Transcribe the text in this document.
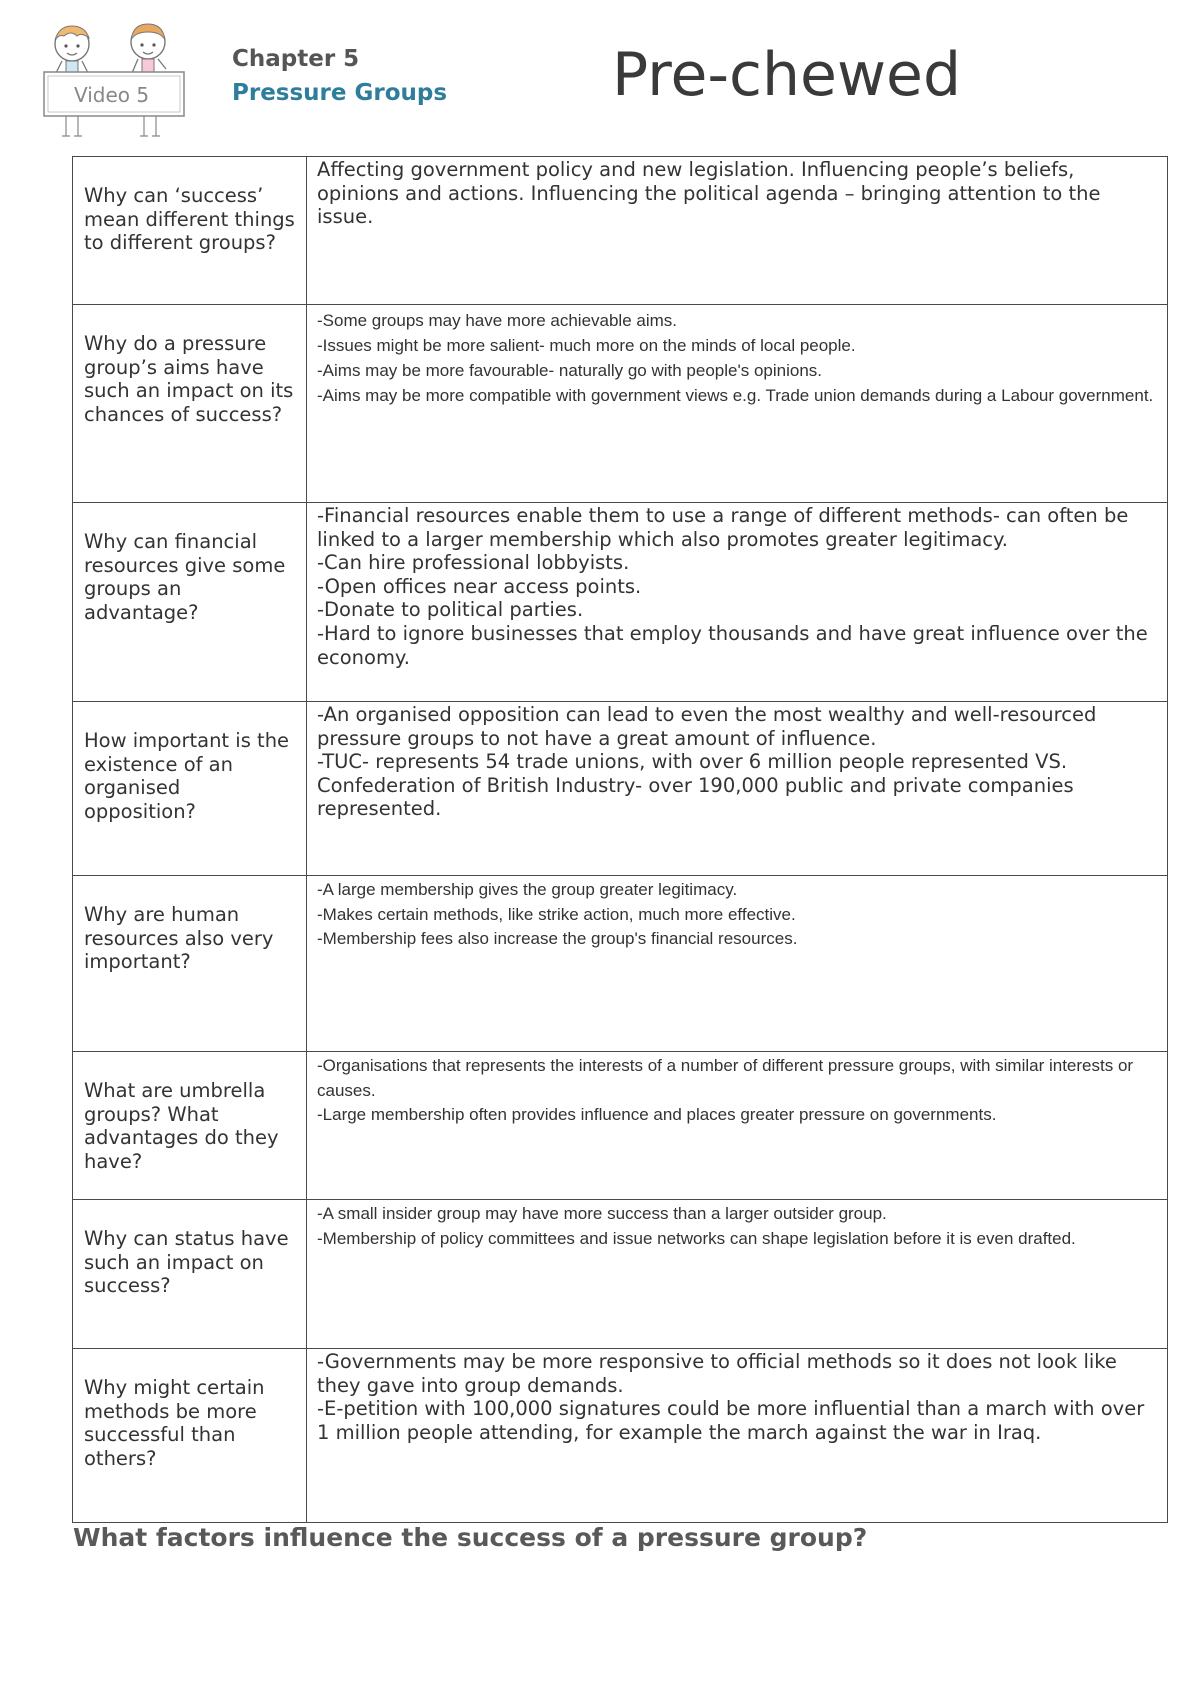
Video 5
Chapter 5
Pressure Groups	Pre-chewed
Why can ‘success’ mean different things to different groups?	Affecting government policy and new legislation. Influencing people’s beliefs, opinions and actions. Influencing the political agenda – bringing attention to the issue.

Why do a pressure group’s aims have such an impact on its chances of success?	-Some groups may have more achievable aims.
-Issues might be more salient- much more on the minds of local people.
-Aims may be more favourable- naturally go with people's opinions.
-Aims may be more compatible with government views e.g. Trade union demands during a Labour government.

Why can financial resources give some groups an advantage?	-Financial resources enable them to use a range of different methods- can often be linked to a larger membership which also promotes greater legitimacy.
-Can hire professional lobbyists.
-Open offices near access points.
-Donate to political parties.
-Hard to ignore businesses that employ thousands and have great influence over the economy.

How important is the existence of an organised opposition?	-An organised opposition can lead to even the most wealthy and well-resourced pressure groups to not have a great amount of influence.
-TUC- represents 54 trade unions, with over 6 million people represented VS. Confederation of British Industry- over 190,000 public and private companies represented.

Why are human resources also very important?	-A large membership gives the group greater legitimacy.
-Makes certain methods, like strike action, much more effective.
-Membership fees also increase the group's financial resources.

What are umbrella groups? What advantages do they have?	-Organisations that represents the interests of a number of different pressure groups, with similar interests or causes.
-Large membership often provides influence and places greater pressure on governments.

Why can status have such an impact on success?	-A small insider group may have more success than a larger outsider group.
-Membership of policy committees and issue networks can shape legislation before it is even drafted.

Why might certain methods be more successful than others?	-Governments may be more responsive to official methods so it does not look like they gave into group demands.
-E-petition with 100,000 signatures could be more influential than a march with over 1 million people attending, for example the march against the war in Iraq.
What factors influence the success of a pressure group?
